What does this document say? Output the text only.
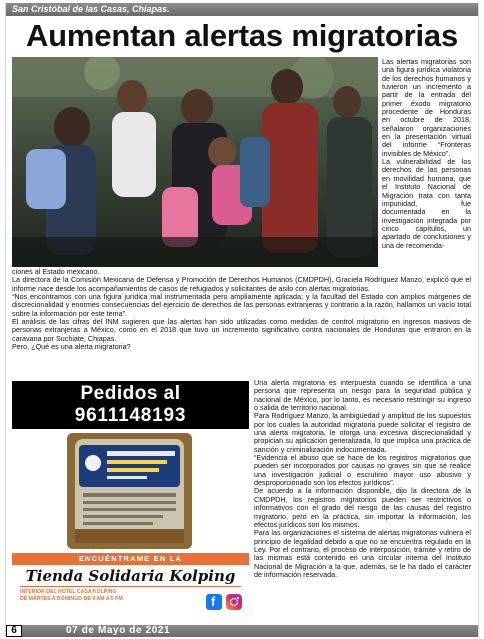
San Cristóbal de las Casas, Chiapas.
Aumentan alertas migratorias

Las alertas migratorias son una figura jurídica violatoria de los derechos humanos y tuvieron un incremento a partir de la entrada del primer éxodo migratorio procedente de Honduras en octubre de 2018, señalaron organizaciones en la presentación virtual del informe “Fronteras invisibles de México”.

La vulnerabilidad de los derechos de las personas en movilidad humana, que el Instituto Nacional de Migración trata con tanta impunidad, fue documentada en la investigación integrada por cinco capítulos, un apartado de conclusiones y una de recomenda-

ciones al Estado mexicano.

La directora de la Comisión Mexicana de Defensa y Promoción de Derechos Humanos (CMDPDH), Graciela Rodríguez Manzo, explicó que el informe nace desde los acompañamientos de casos de refugiados y solicitantes de asilo con alertas migratorias.

“Nos encontramos con una figura jurídica mal instrumentada pero ampliamente aplicada; y la facultad del Estado con amplios márgenes de discrecionalidad y enormes consecuencias del ejercicio de derechos de las personas extranjeras y contrario a la razón, hallamos un vacío total sobre la información por este tema”.

El análisis de las cifras del INM sugieren que las alertas han sido utilizadas como medidas de control migratorio en ingresos masivos de personas extranjeras a México, como en el 2018 que tuvo un incremento significativo contra nacionales de Honduras que entraron en la caravana por Suchiate, Chiapas.

Pero, ¿Qué es una alerta migratoria?

Pedidos al
9611148193
ENCUÉNTRAME EN LA
Tienda Solidaria Kolping
INTERIOR DEL HOTEL CASA KOLPING
DE MARTES A DOMINGO DE 9 AM A 5 PM	f

Una alerta migratoria es interpuesta cuando se identifica a una persona que representa un riesgo para la seguridad pública y nacional de México, por lo tanto, es necesario restringir su ingreso o salida de territorio nacional.

Para Rodríguez Manzo, la ambigüedad y amplitud de los supuestos por los cuales la autoridad migratoria puede solicitar el registro de una alerta migratoria, le otorga una excesiva discrecionalidad y propician su aplicación generalizada, lo que implica una práctica de sanción y criminalización indocumentada.

“Evidencia el abuso que se hace de los registros migratorios que pueden ser incorporados por causas no graves sin que se realice una investigación judicial o escrutinio mayor uso abusivo y desproporcionado son los efectos jurídicos”.

De acuerdo a la información disponible, dijo la directora de la CMDPDH, los registros migratorios pueden ser restrictivos o informativos con el grado del riesgo de las causas del registro migratorio, pero en la práctica, sin importar la información, los efectos jurídicos son los mismos.

Para las organizaciones el sistema de alertas migratorias vulnera el principio de legalidad debido a que no se encuentra regulado en la Ley. Por el contrario, el proceso de interposición, trámite y retiro de las mismas está contenido en una circular interna del Instituto Nacional de Migración a la que, además, se le ha dado el carácter de información reservada.

6	07 de Mayo de 2021
